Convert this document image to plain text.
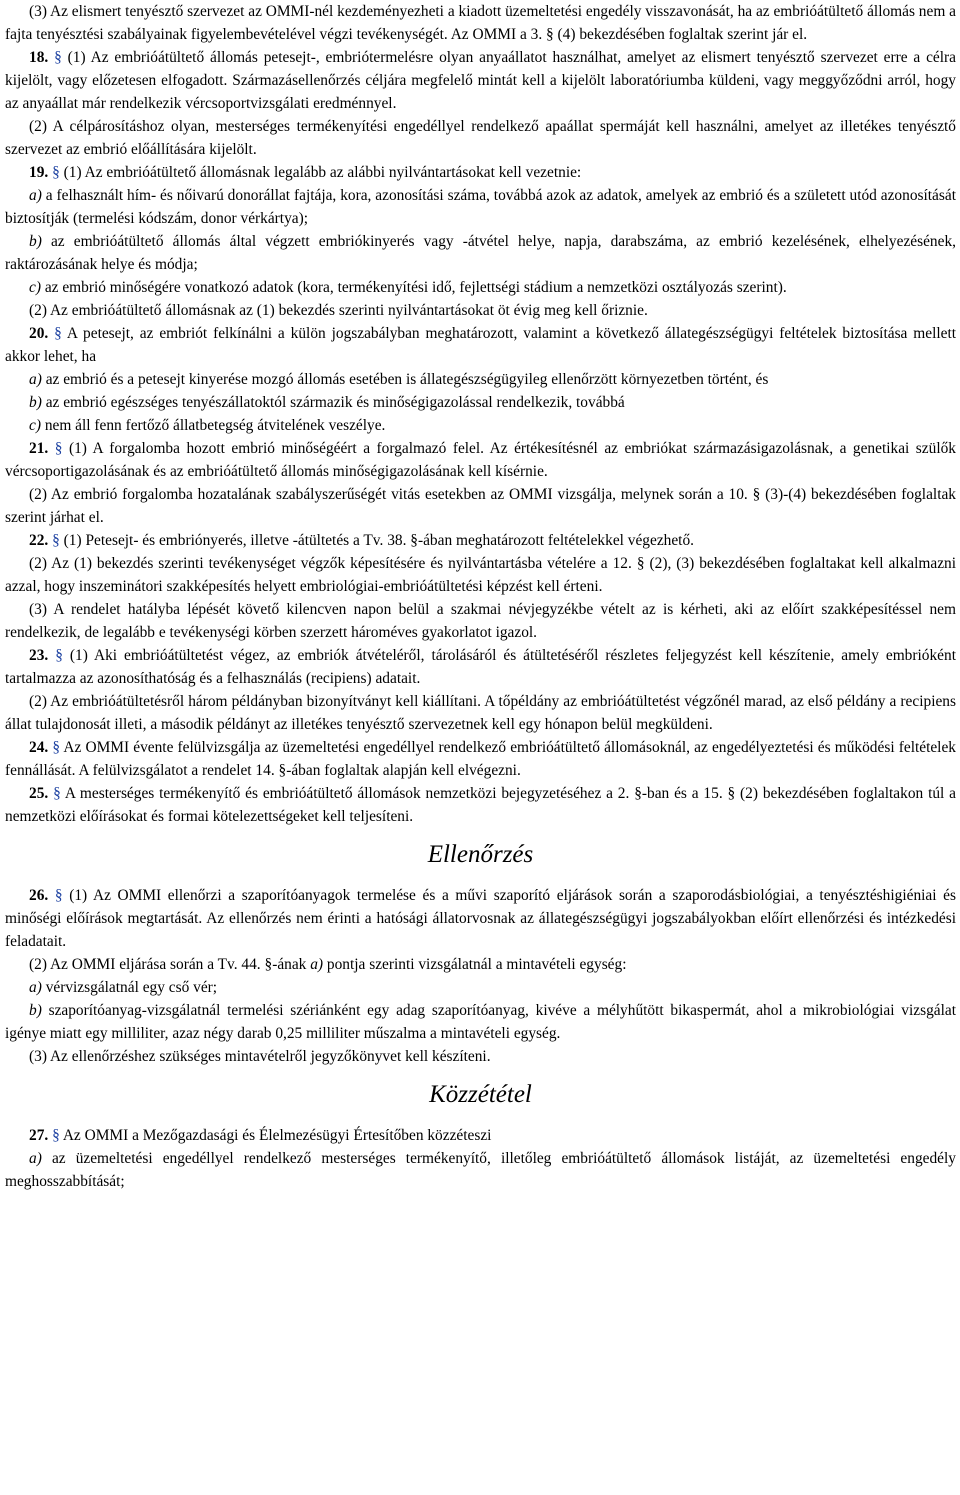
(3) Az elismert tenyésztő szervezet az OMMI-nél kezdeményezheti a kiadott üzemeltetési engedély visszavonását, ha az embrióátültető állomás nem a fajta tenyésztési szabályainak figyelembevételével végzi tevékenységét. Az OMMI a 3. § (4) bekezdésében foglaltak szerint jár el.

18. § (1) Az embrióátültető állomás petesejt-, embriótermelésre olyan anyaállatot használhat, amelyet az elismert tenyésztő szervezet erre a célra kijelölt, vagy előzetesen elfogadott. Származásellenőrzés céljára megfelelő mintát kell a kijelölt laboratóriumba küldeni, vagy meggyőződni arról, hogy az anyaállat már rendelkezik vércsoportvizsgálati eredménnyel.

(2) A célpárosításhoz olyan, mesterséges termékenyítési engedéllyel rendelkező apaállat spermáját kell használni, amelyet az illetékes tenyésztő szervezet az embrió előállítására kijelölt.

19. § (1) Az embrióátültető állomásnak legalább az alábbi nyilvántartásokat kell vezetnie:

a) a felhasznált hím- és nőivarú donorállat fajtája, kora, azonosítási száma, továbbá azok az adatok, amelyek az embrió és a született utód azonosítását biztosítják (termelési kódszám, donor vérkártya);

b) az embrióátültető állomás által végzett embriókinyerés vagy -átvétel helye, napja, darabszáma, az embrió kezelésének, elhelyezésének, raktározásának helye és módja;

c) az embrió minőségére vonatkozó adatok (kora, termékenyítési idő, fejlettségi stádium a nemzetközi osztályozás szerint).

(2) Az embrióátültető állomásnak az (1) bekezdés szerinti nyilvántartásokat öt évig meg kell őriznie.

20. § A petesejt, az embriót felkínálni a külön jogszabályban meghatározott, valamint a következő állategészségügyi feltételek biztosítása mellett akkor lehet, ha

a) az embrió és a petesejt kinyerése mozgó állomás esetében is állategészségügyileg ellenőrzött környezetben történt, és

b) az embrió egészséges tenyészállatoktól származik és minőségigazolással rendelkezik, továbbá

c) nem áll fenn fertőző állatbetegség átvitelének veszélye.

21. § (1) A forgalomba hozott embrió minőségéért a forgalmazó felel. Az értékesítésnél az embriókat származásigazolásnak, a genetikai szülők vércsoportigazolásának és az embrióátültető állomás minőségigazolásának kell kísérnie.

(2) Az embrió forgalomba hozatalának szabályszerűségét vitás esetekben az OMMI vizsgálja, melynek során a 10. § (3)-(4) bekezdésében foglaltak szerint járhat el.

22. § (1) Petesejt- és embriónyerés, illetve -átültetés a Tv. 38. §-ában meghatározott feltételekkel végezhető.

(2) Az (1) bekezdés szerinti tevékenységet végzők képesítésére és nyilvántartásba vételére a 12. § (2), (3) bekezdésében foglaltakat kell alkalmazni azzal, hogy inszeminátori szakképesítés helyett embriológiai-embrióátültetési képzést kell érteni.

(3) A rendelet hatályba lépését követő kilencven napon belül a szakmai névjegyzékbe vételt az is kérheti, aki az előírt szakképesítéssel nem rendelkezik, de legalább e tevékenységi körben szerzett hároméves gyakorlatot igazol.

23. § (1) Aki embrióátültetést végez, az embriók átvételéről, tárolásáról és átültetéséről részletes feljegyzést kell készítenie, amely embrióként tartalmazza az azonosíthatóság és a felhasználás (recipiens) adatait.

(2) Az embrióátültetésről három példányban bizonyítványt kell kiállítani. A tőpéldány az embrióátültetést végzőnél marad, az első példány a recipiens állat tulajdonosát illeti, a második példányt az illetékes tenyésztő szervezetnek kell egy hónapon belül megküldeni.

24. § Az OMMI évente felülvizsgálja az üzemeltetési engedéllyel rendelkező embrióátültető állomásoknál, az engedélyeztetési és működési feltételek fennállását. A felülvizsgálatot a rendelet 14. §-ában foglaltak alapján kell elvégezni.

25. § A mesterséges termékenyítő és embrióátültető állomások nemzetközi bejegyzetéséhez a 2. §-ban és a 15. § (2) bekezdésében foglaltakon túl a nemzetközi előírásokat és formai kötelezettségeket kell teljesíteni.

Ellenőrzés

26. § (1) Az OMMI ellenőrzi a szaporítóanyagok termelése és a művi szaporító eljárások során a szaporodásbiológiai, a tenyésztéshigiéniai és minőségi előírások megtartását. Az ellenőrzés nem érinti a hatósági állatorvosnak az állategészségügyi jogszabályokban előírt ellenőrzési és intézkedési feladatait.

(2) Az OMMI eljárása során a Tv. 44. §-ának a) pontja szerinti vizsgálatnál a mintavételi egység:

a) vérvizsgálatnál egy cső vér;

b) szaporítóanyag-vizsgálatnál termelési szériánként egy adag szaporítóanyag, kivéve a mélyhűtött bikaspermát, ahol a mikrobiológiai vizsgálat igénye miatt egy milliliter, azaz négy darab 0,25 milliliter műszalma a mintavételi egység.

(3) Az ellenőrzéshez szükséges mintavételről jegyzőkönyvet kell készíteni.

Közzététel

27. § Az OMMI a Mezőgazdasági és Élelmezésügyi Értesítőben közzéteszi

a) az üzemeltetési engedéllyel rendelkező mesterséges termékenyítő, illetőleg embrióátültető állomások listáját, az üzemeltetési engedély meghosszabbítását;
